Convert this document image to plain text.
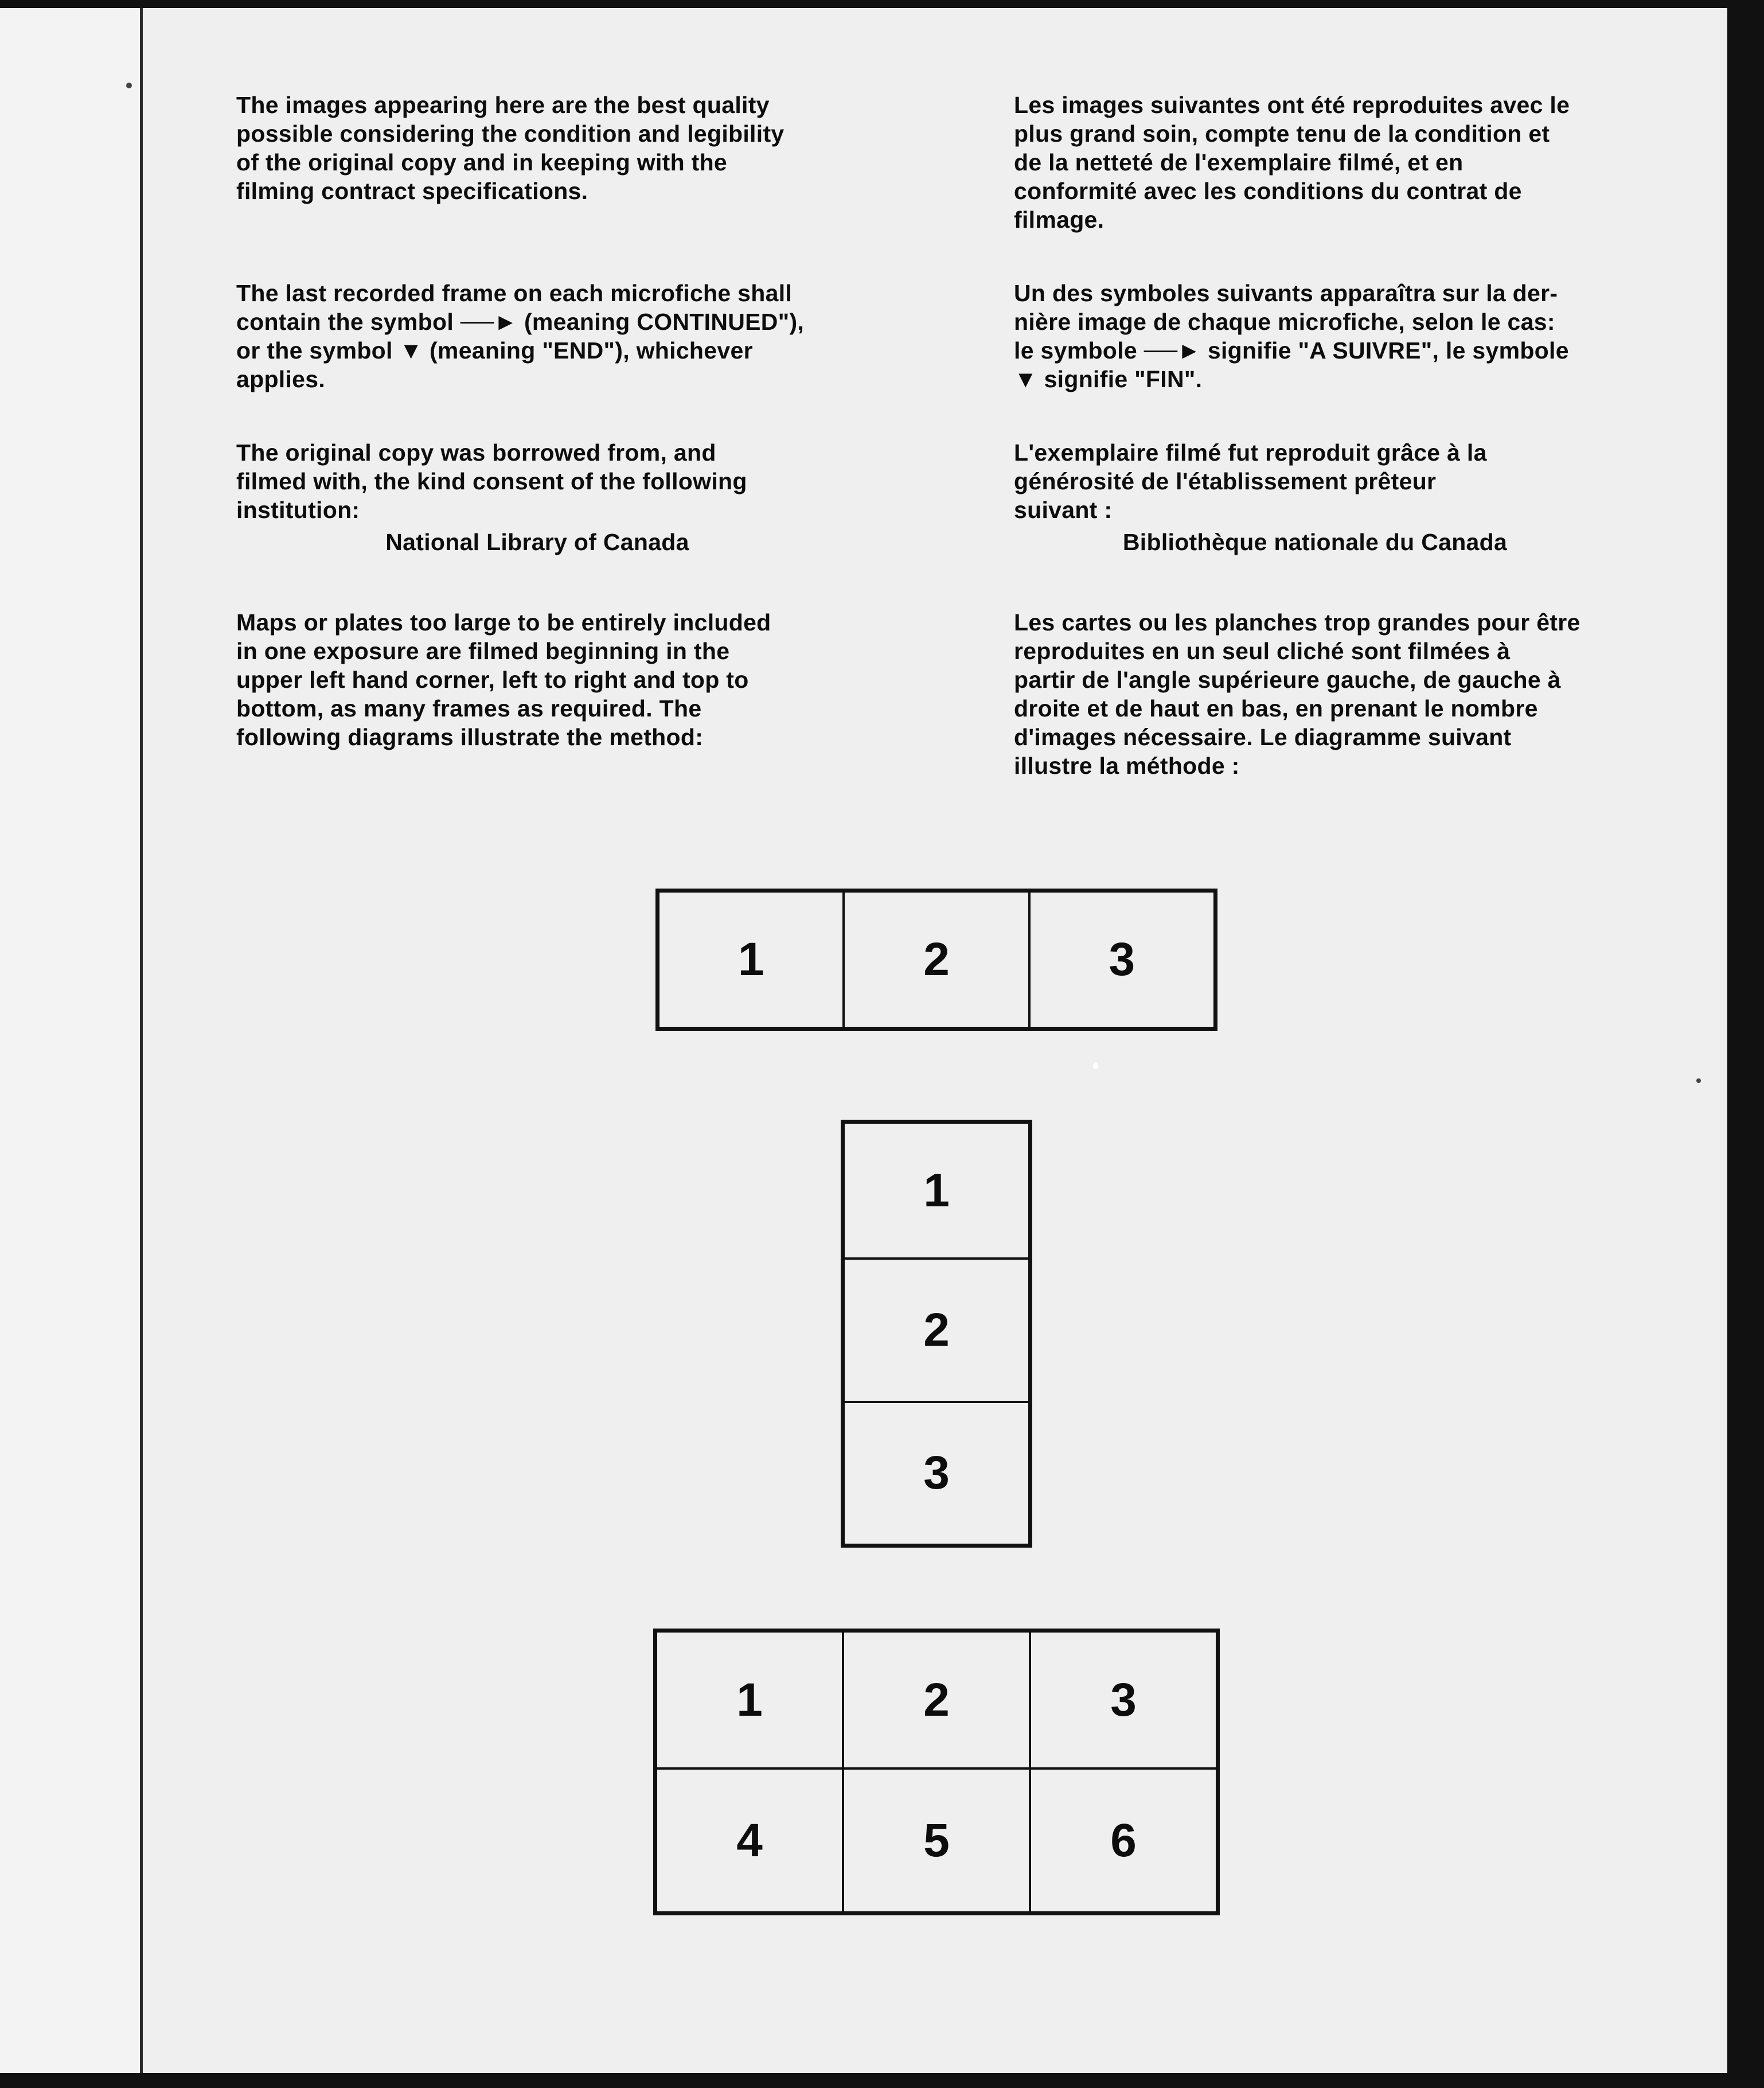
The images appearing here are the best quality
possible considering the condition and legibility
of the original copy and in keeping with the
filming contract specifications.

The last recorded frame on each microfiche shall
contain the symbol ──► (meaning CONTINUED"),
or the symbol ▼ (meaning "END"), whichever
applies.

The original copy was borrowed from, and
filmed with, the kind consent of the following
institution:

National Library of Canada

Maps or plates too large to be entirely included
in one exposure are filmed beginning in the
upper left hand corner, left to right and top to
bottom, as many frames as required. The
following diagrams illustrate the method:

Les images suivantes ont été reproduites avec le
plus grand soin, compte tenu de la condition et
de la netteté de l'exemplaire filmé, et en
conformité avec les conditions du contrat de
filmage.

Un des symboles suivants apparaîtra sur la der-
nière image de chaque microfiche, selon le cas:
le symbole ──► signifie "A SUIVRE", le symbole
▼ signifie "FIN".

L'exemplaire filmé fut reproduit grâce à la
générosité de l'établissement prêteur
suivant :

Bibliothèque nationale du Canada

Les cartes ou les planches trop grandes pour être
reproduites en un seul cliché sont filmées à
partir de l'angle supérieure gauche, de gauche à
droite et de haut en bas, en prenant le nombre
d'images nécessaire. Le diagramme suivant
illustre la méthode :

1	2	3
1
2
3
1	2	3
4	5	6
